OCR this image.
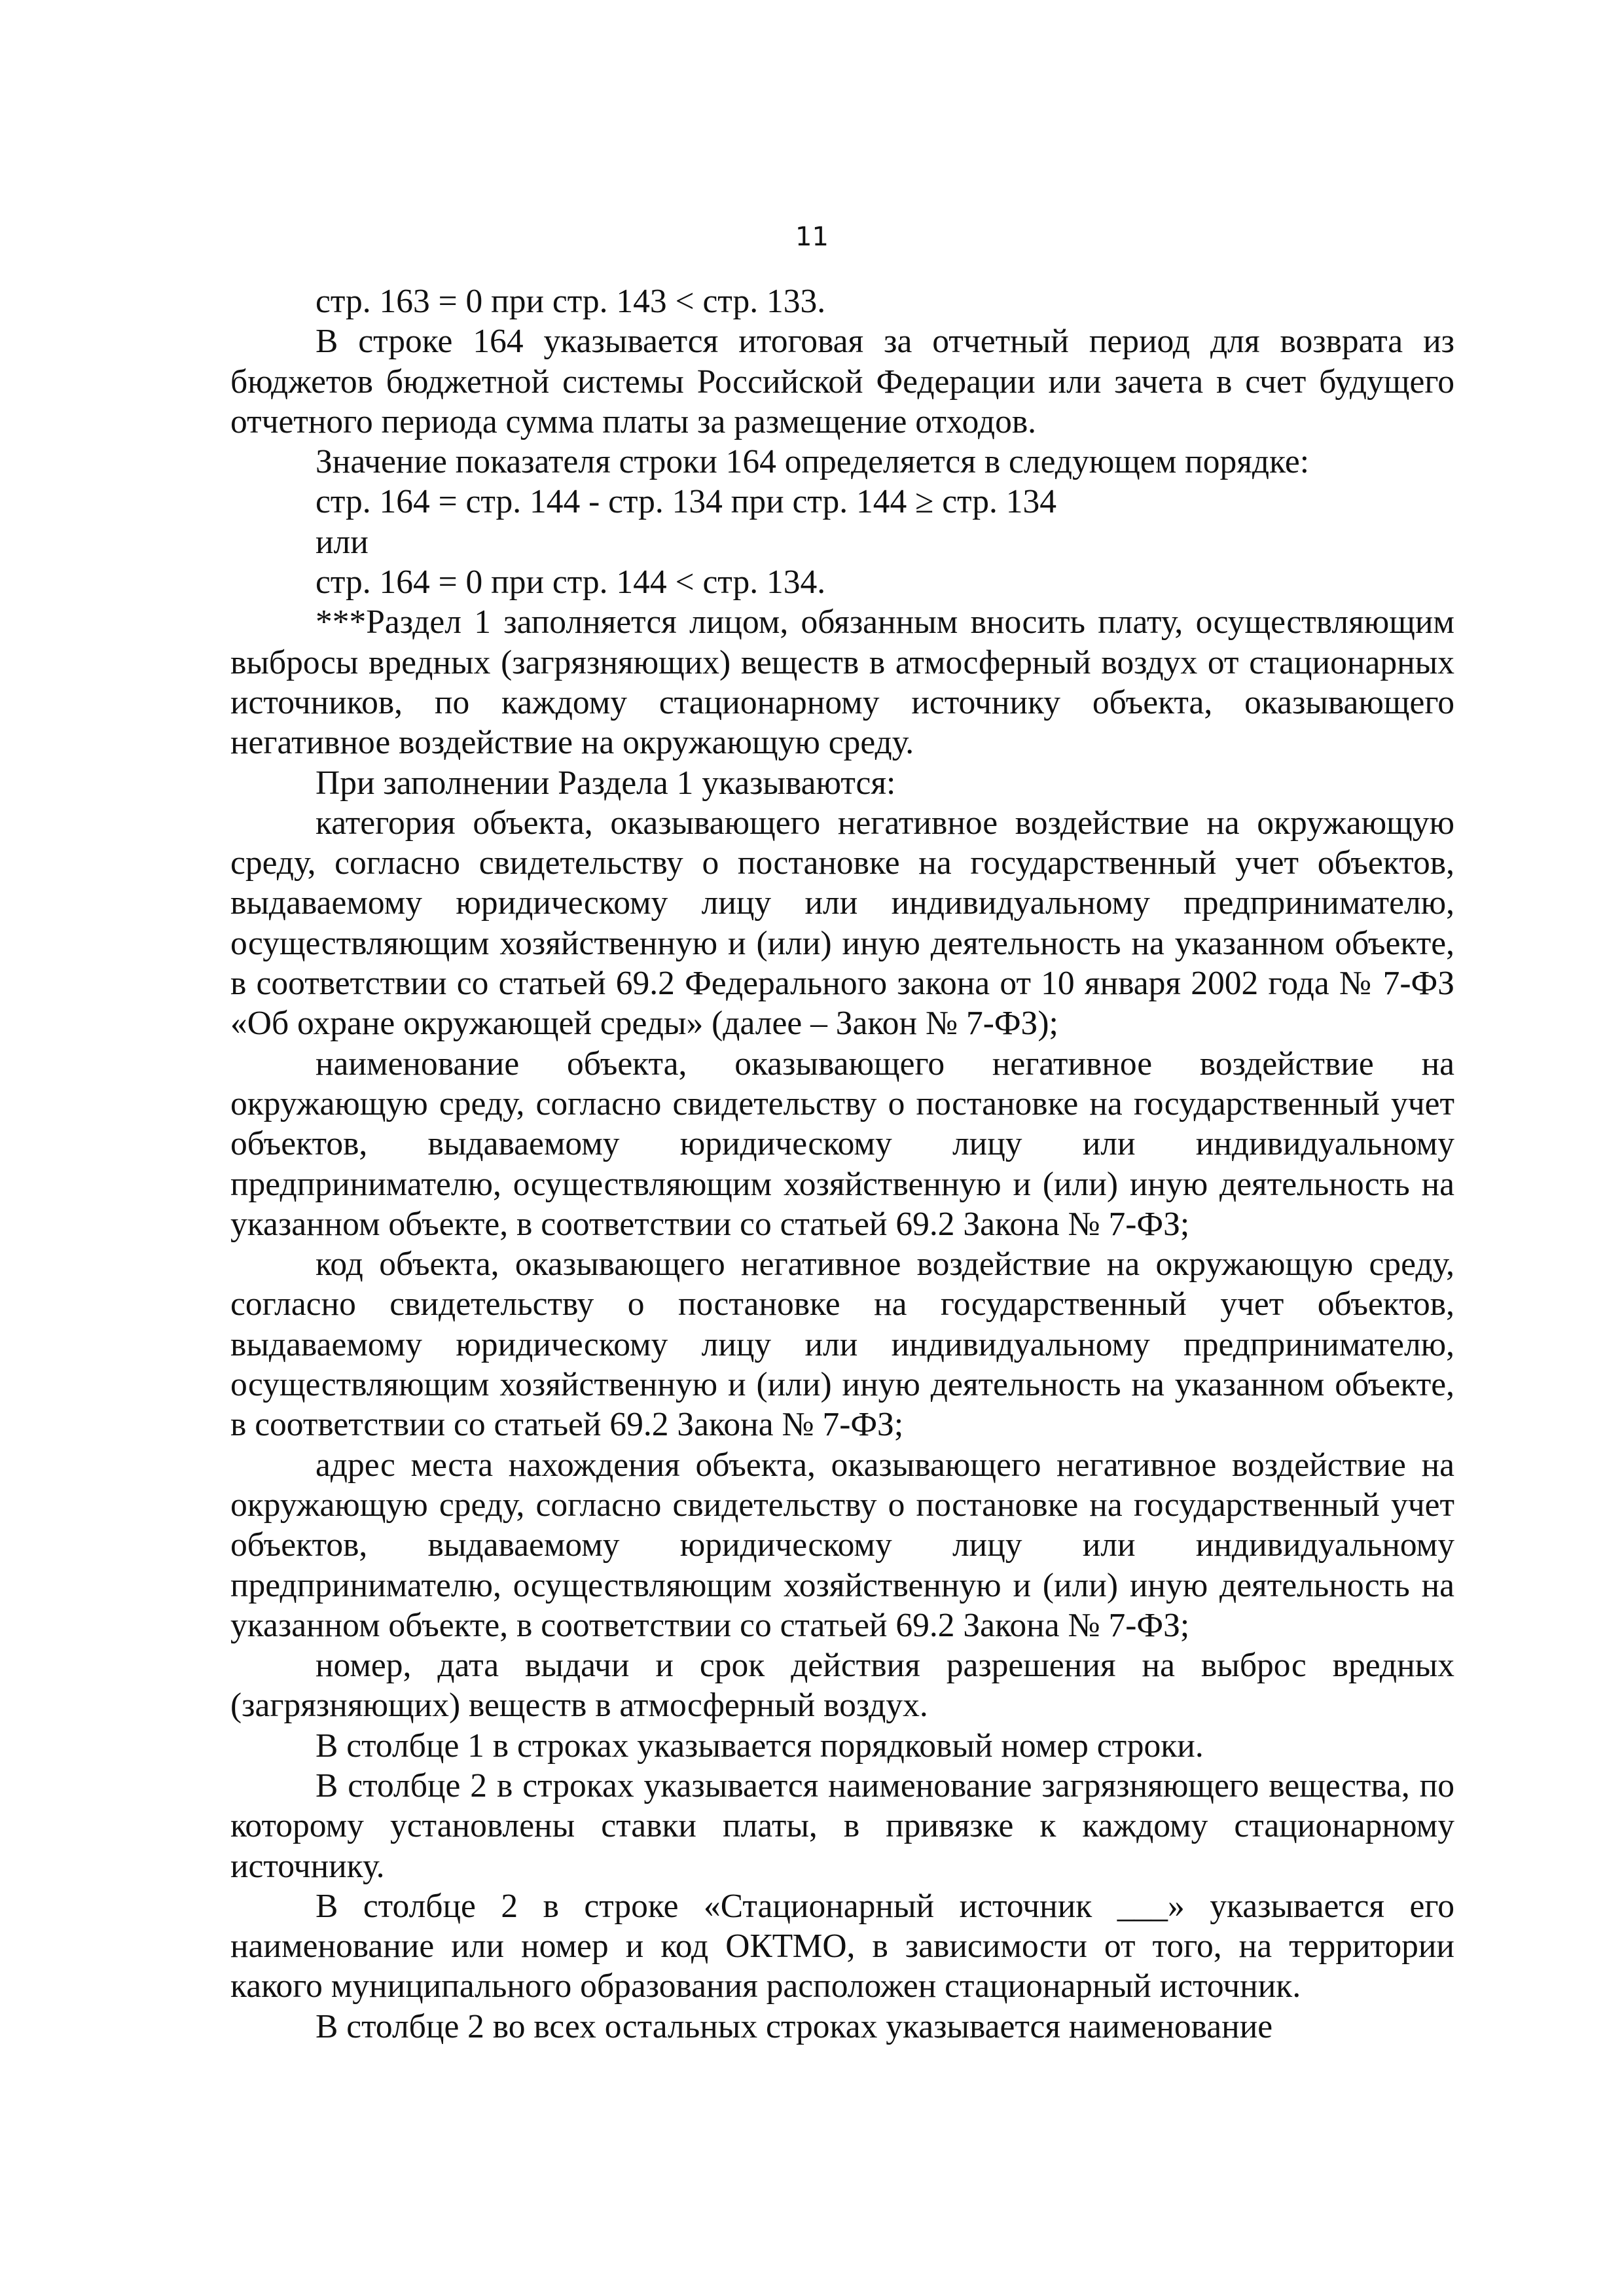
11

стр. 163 = 0 при стр. 143 < стр. 133.

В строке 164 указывается итоговая за отчетный период для возврата из бюджетов бюджетной системы Российской Федерации или зачета в счет будущего отчетного периода сумма платы за размещение отходов.

Значение показателя строки 164 определяется в следующем порядке:

стр. 164 = стр. 144 - стр. 134 при стр. 144 ≥ стр. 134

или

стр. 164 = 0 при стр. 144 < стр. 134.

***Раздел 1 заполняется лицом, обязанным вносить плату, осуществляющим выбросы вредных (загрязняющих) веществ в атмосферный воздух от стационарных источников, по каждому стационарному источнику объекта, оказывающего негативное воздействие на окружающую среду.

При заполнении Раздела 1 указываются:

категория объекта, оказывающего негативное воздействие на окружающую среду, согласно свидетельству о постановке на государственный учет объектов, выдаваемому юридическому лицу или индивидуальному предпринимателю, осуществляющим хозяйственную и (или) иную деятельность на указанном объекте, в соответствии со статьей 69.2 Федерального закона от 10 января 2002 года № 7-ФЗ «Об охране окружающей среды» (далее – Закон № 7-ФЗ);

наименование объекта, оказывающего негативное воздействие на окружающую среду, согласно свидетельству о постановке на государственный учет объектов, выдаваемому юридическому лицу или индивидуальному предпринимателю, осуществляющим хозяйственную и (или) иную деятельность на указанном объекте, в соответствии со статьей 69.2 Закона № 7-ФЗ;

код объекта, оказывающего негативное воздействие на окружающую среду, согласно свидетельству о постановке на государственный учет объектов, выдаваемому юридическому лицу или индивидуальному предпринимателю, осуществляющим хозяйственную и (или) иную деятельность на указанном объекте, в соответствии со статьей 69.2 Закона № 7-ФЗ;

адрес места нахождения объекта, оказывающего негативное воздействие на окружающую среду, согласно свидетельству о постановке на государственный учет объектов, выдаваемому юридическому лицу или индивидуальному предпринимателю, осуществляющим хозяйственную и (или) иную деятельность на указанном объекте, в соответствии со статьей 69.2 Закона № 7-ФЗ;

номер, дата выдачи и срок действия разрешения на выброс вредных (загрязняющих) веществ в атмосферный воздух.

В столбце 1 в строках указывается порядковый номер строки.

В столбце 2 в строках указывается наименование загрязняющего вещества, по которому установлены ставки платы, в привязке к каждому стационарному источнику.

В столбце 2 в строке «Стационарный источник ___» указывается его наименование или номер и код ОКТМО, в зависимости от того, на территории какого муниципального образования расположен стационарный источник.

В столбце 2 во всех остальных строках указывается наименование
